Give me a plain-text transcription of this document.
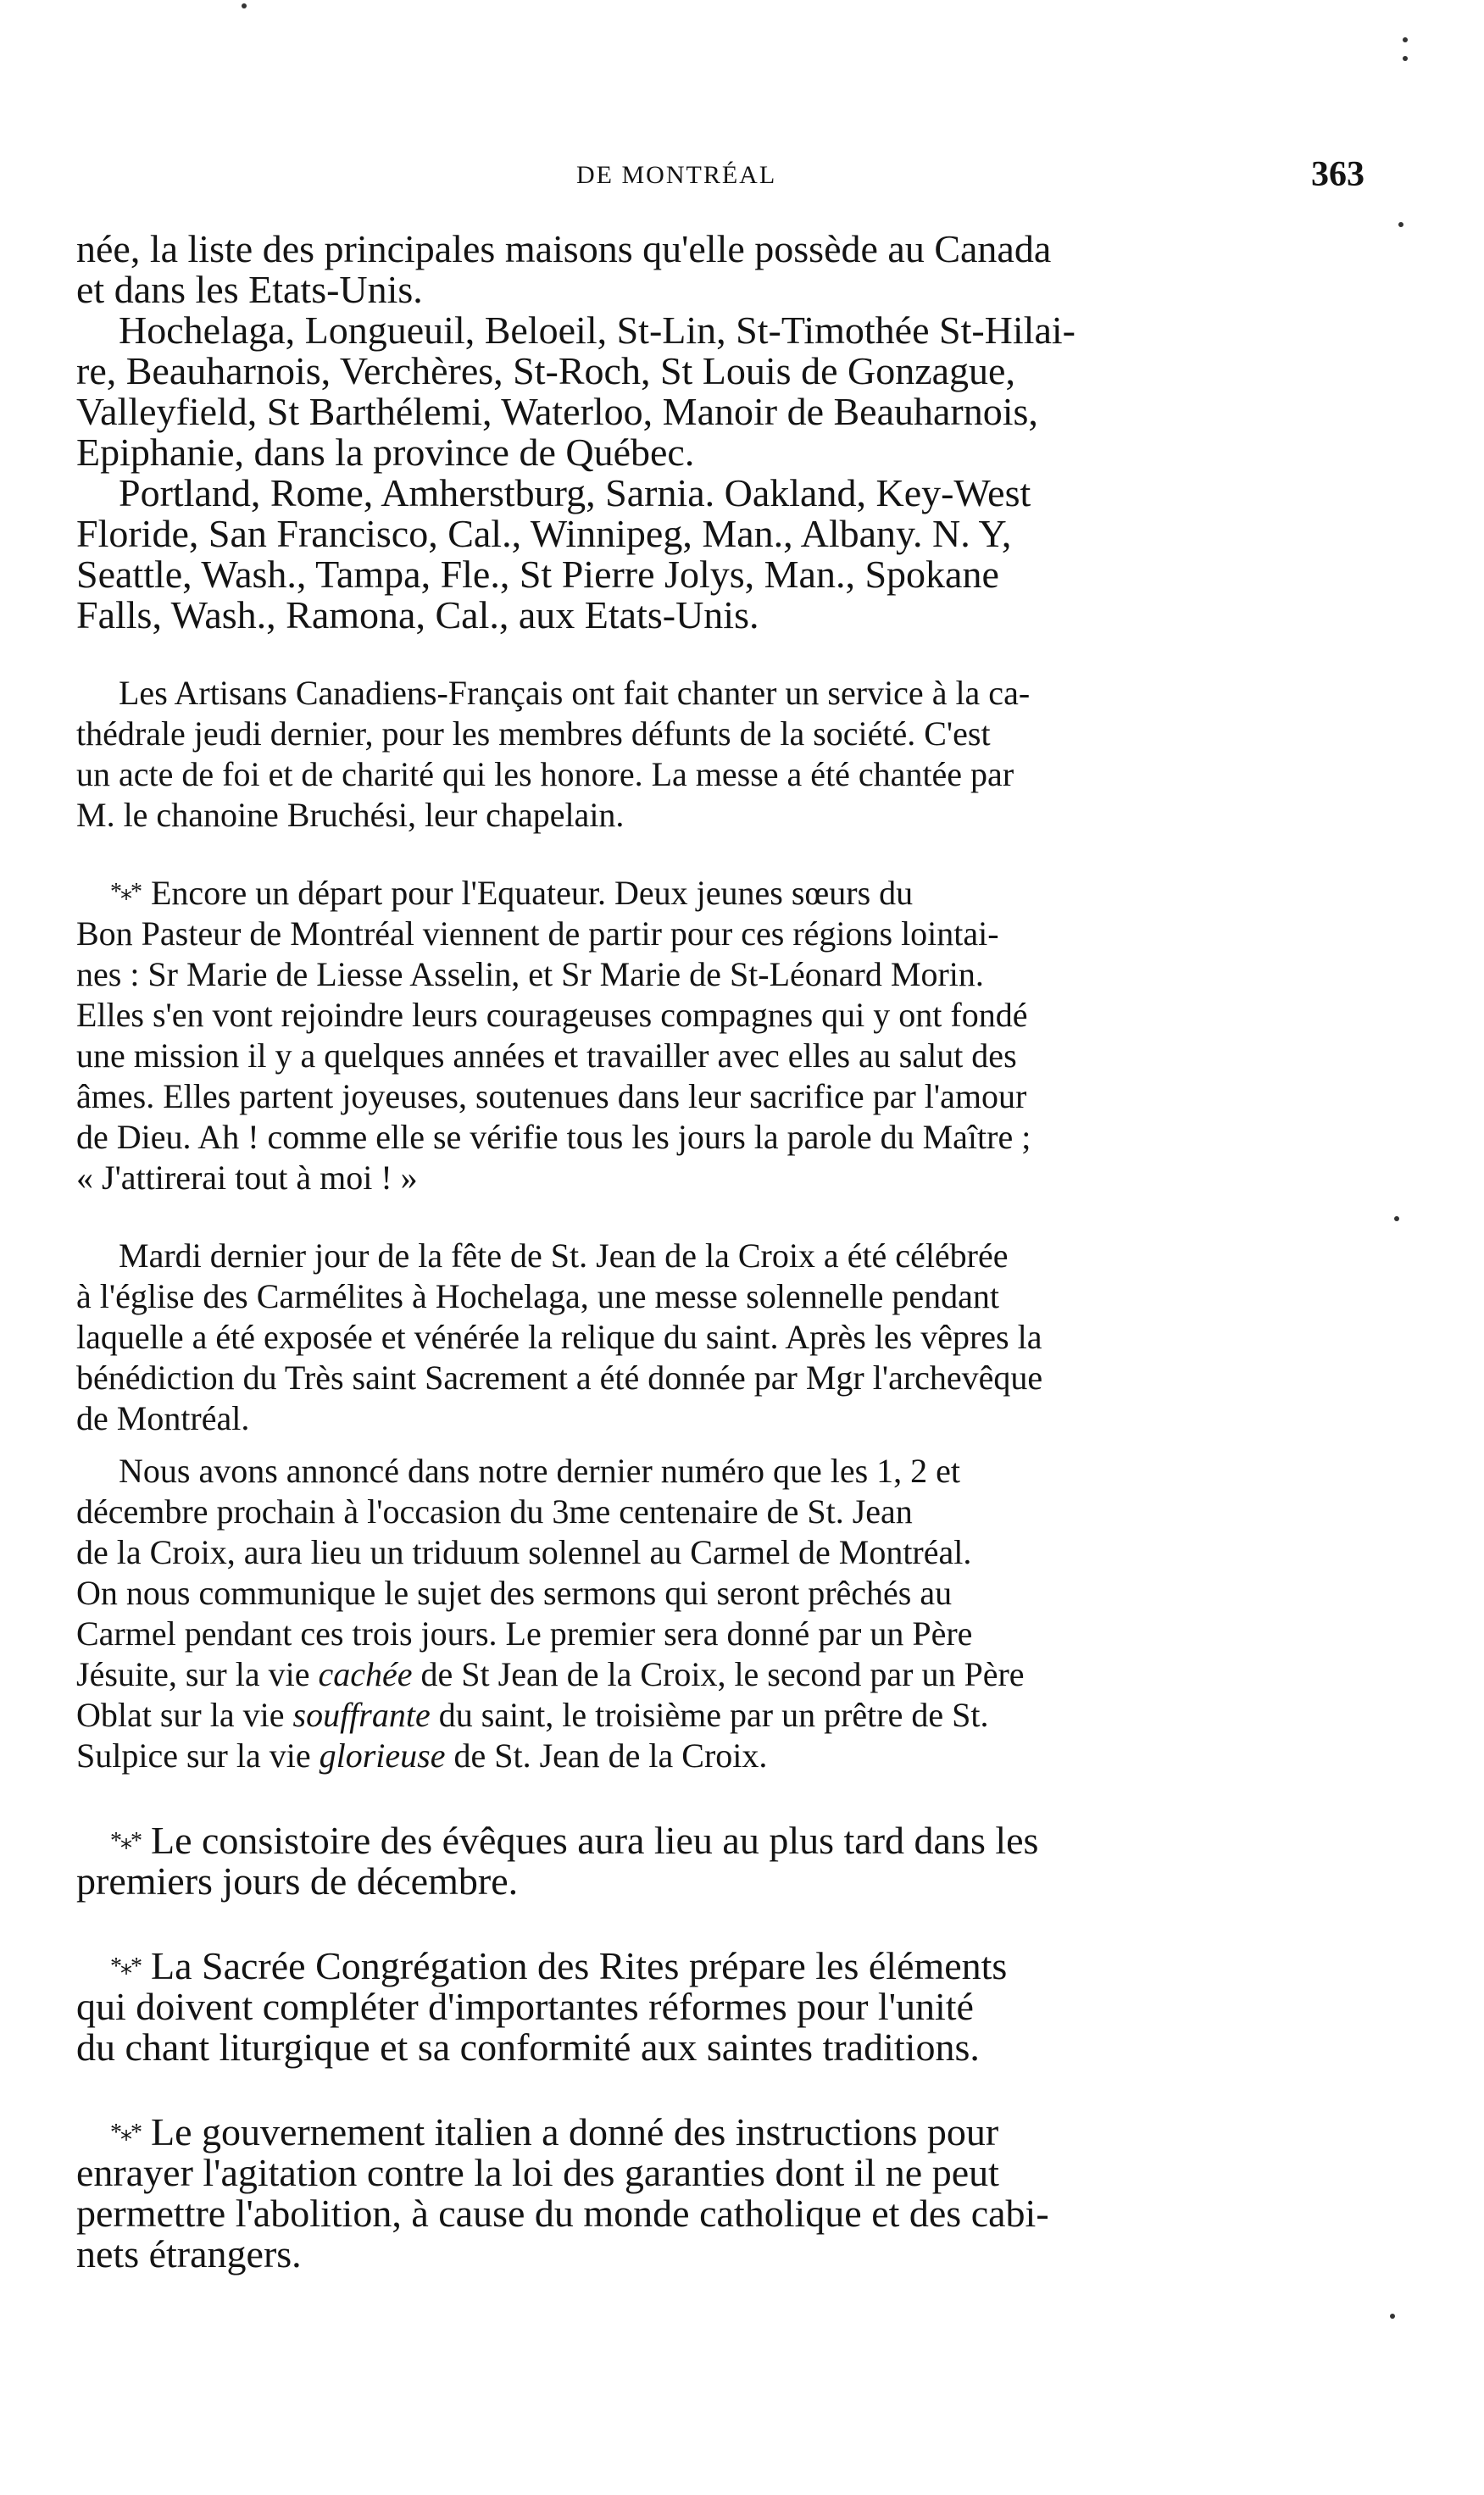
DE MONTRÉAL	363

née, la liste des principales maisons qu'elle possède au Canada
et dans les Etats-Unis.

Hochelaga, Longueuil, Beloeil, St-Lin, St-Timothée St-Hilai-
re, Beauharnois, Verchères, St-Roch, St Louis de Gonzague,
Valleyfield, St Barthélemi, Waterloo, Manoir de Beauharnois,
Epiphanie, dans la province de Québec.

Portland, Rome, Amherstburg, Sarnia. Oakland, Key-West
Floride, San Francisco, Cal., Winnipeg, Man., Albany. N. Y,
Seattle, Wash., Tampa, Fle., St Pierre Jolys, Man., Spokane
Falls, Wash., Ramona, Cal., aux Etats-Unis.

Les Artisans Canadiens-Français ont fait chanter un service à la ca-
thédrale jeudi dernier, pour les membres défunts de la société. C'est
un acte de foi et de charité qui les honore. La messe a été chantée par
M. le chanoine Bruchési, leur chapelain.

*⁎* Encore un départ pour l'Equateur. Deux jeunes sœurs du
Bon Pasteur de Montréal viennent de partir pour ces régions lointai-
nes : Sr Marie de Liesse Asselin, et Sr Marie de St-Léonard Morin.
Elles s'en vont rejoindre leurs courageuses compagnes qui y ont fondé
une mission il y a quelques années et travailler avec elles au salut des
âmes. Elles partent joyeuses, soutenues dans leur sacrifice par l'amour
de Dieu. Ah ! comme elle se vérifie tous les jours la parole du Maître ;
« J'attirerai tout à moi ! »

Mardi dernier jour de la fête de St. Jean de la Croix a été célébrée
à l'église des Carmélites à Hochelaga, une messe solennelle pendant
laquelle a été exposée et vénérée la relique du saint. Après les vêpres la
bénédiction du Très saint Sacrement a été donnée par Mgr l'archevêque
de Montréal.

Nous avons annoncé dans notre dernier numéro que les 1, 2 et
décembre prochain à l'occasion du 3me centenaire de St. Jean
de la Croix, aura lieu un triduum solennel au Carmel de Montréal.
On nous communique le sujet des sermons qui seront prêchés au
Carmel pendant ces trois jours. Le premier sera donné par un Père
Jésuite, sur la vie cachée de St Jean de la Croix, le second par un Père
Oblat sur la vie souffrante du saint, le troisième par un prêtre de St.
Sulpice sur la vie glorieuse de St. Jean de la Croix.

*⁎* Le consistoire des évêques aura lieu au plus tard dans les
premiers jours de décembre.

*⁎* La Sacrée Congrégation des Rites prépare les éléments
qui doivent compléter d'importantes réformes pour l'unité
du chant liturgique et sa conformité aux saintes traditions.

*⁎* Le gouvernement italien a donné des instructions pour
enrayer l'agitation contre la loi des garanties dont il ne peut
permettre l'abolition, à cause du monde catholique et des cabi-
nets étrangers.
